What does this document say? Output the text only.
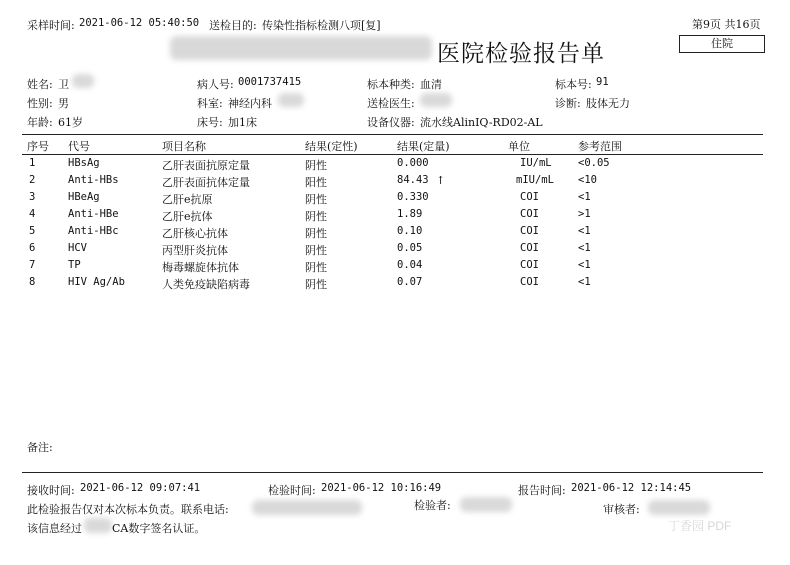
采样时间: 2021-06-12 05:40:50 送检目的: 传染性指标检测八项[复]	第9页 共16页
医院检验报告单	住院
姓名: 卫	病人号: 0001737415	标本种类: 血清	标本号: 91
性别: 男	科室: 神经内科	送检医生:	诊断: 肢体无力
年龄: 61岁	床号: 加1床	设备仪器: 流水线AlinIQ-RD02-AL
序号 代号	项目名称	结果(定性)	结果(定量)	单位	参考范围
1	HBsAg	乙肝表面抗原定量	阴性	0.000	IU/mL	<0.05
2	Anti-HBs	乙肝表面抗体定量	阳性	84.43 ↑	mIU/mL <10
3	HBeAg	乙肝e抗原	阴性	0.330	COI	<1
4	Anti-HBe	乙肝e抗体	阴性	1.89	COI	>1
5	Anti-HBc	乙肝核心抗体	阴性	0.10	COI	<1
6	HCV	丙型肝炎抗体	阴性	0.05	COI	<1
7	TP	梅毒螺旋体抗体	阴性	0.04	COI	<1
8	HIV Ag/Ab	人类免疫缺陷病毒	阴性	0.07	COI	<1
备注:
接收时间: 2021-06-12 09:07:41	检验时间: 2021-06-12 10:16:49	报告时间: 2021-06-12 12:14:45
此检验报告仅对本次标本负责。联系电话:	检验者:	审核者:
该信息经过	CA数字签名认证。	丁香园 PDF
